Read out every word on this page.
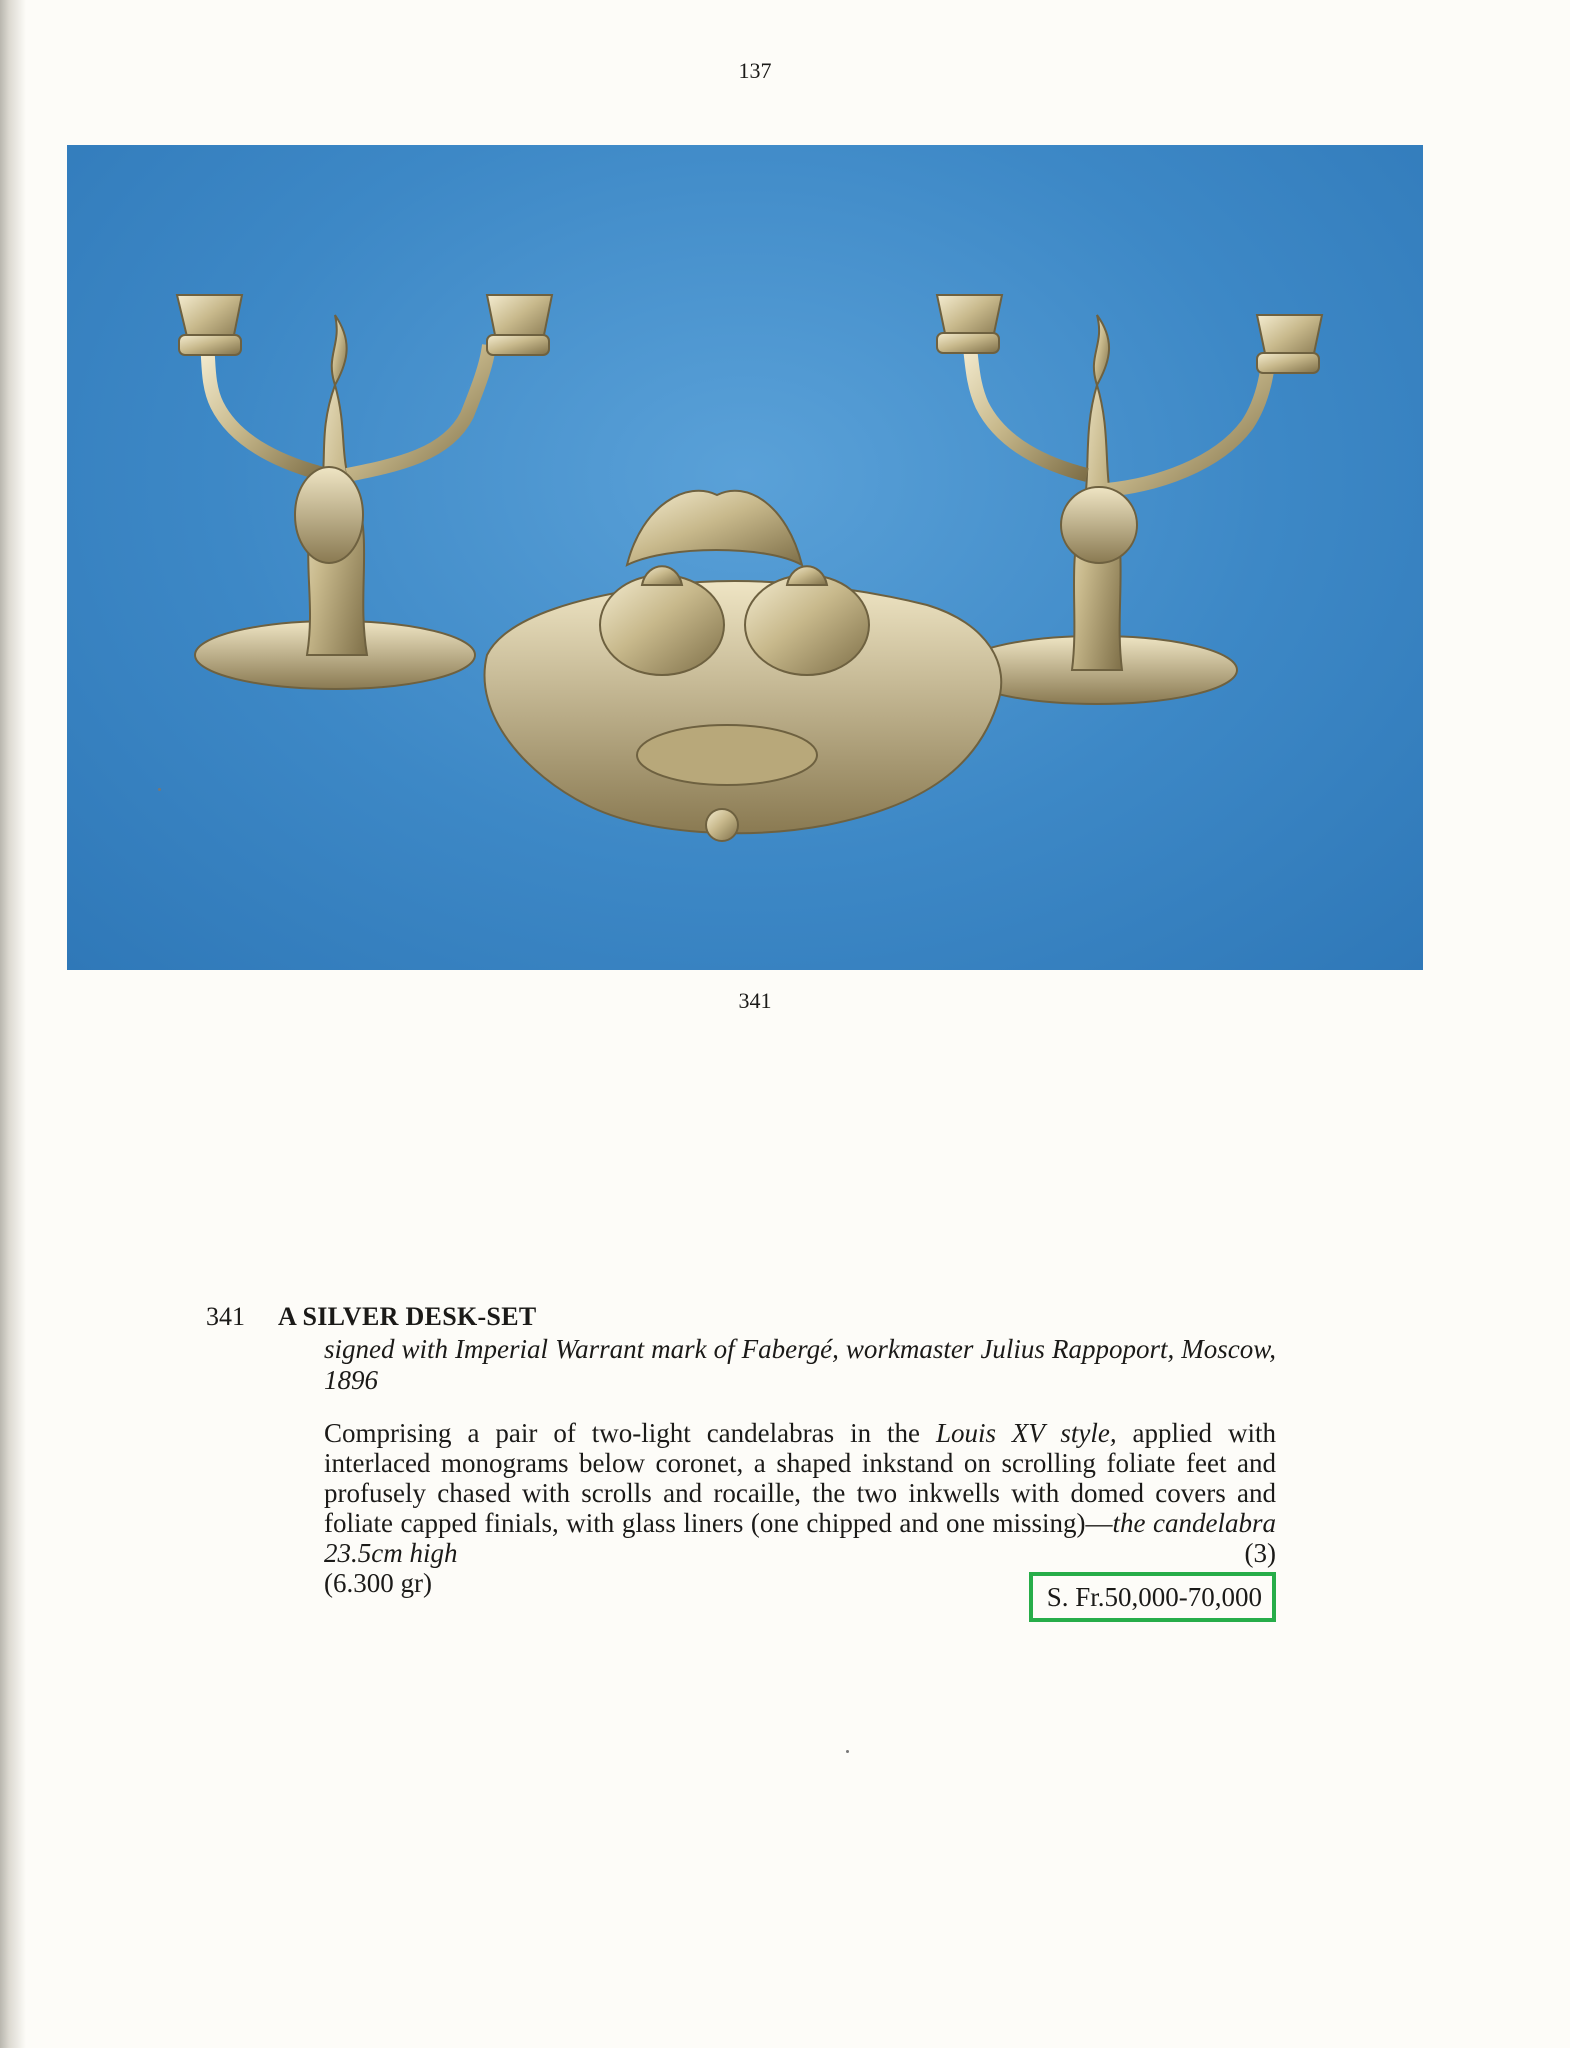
137
341
341 A SILVER DESK-SET
signed with Imperial Warrant mark of Fabergé, workmaster Julius Rappoport, Moscow, 1896
Comprising a pair of two-light candelabras in the Louis XV style, applied with interlaced monograms below coronet, a shaped inkstand on scrolling foliate feet and profusely chased with scrolls and rocaille, the two inkwells with domed covers and foliate capped finials, with glass liners (one chipped and one missing)—the candelabra 23.5cm high	(3)
(6.300 gr)	S. Fr.50,000-70,000
